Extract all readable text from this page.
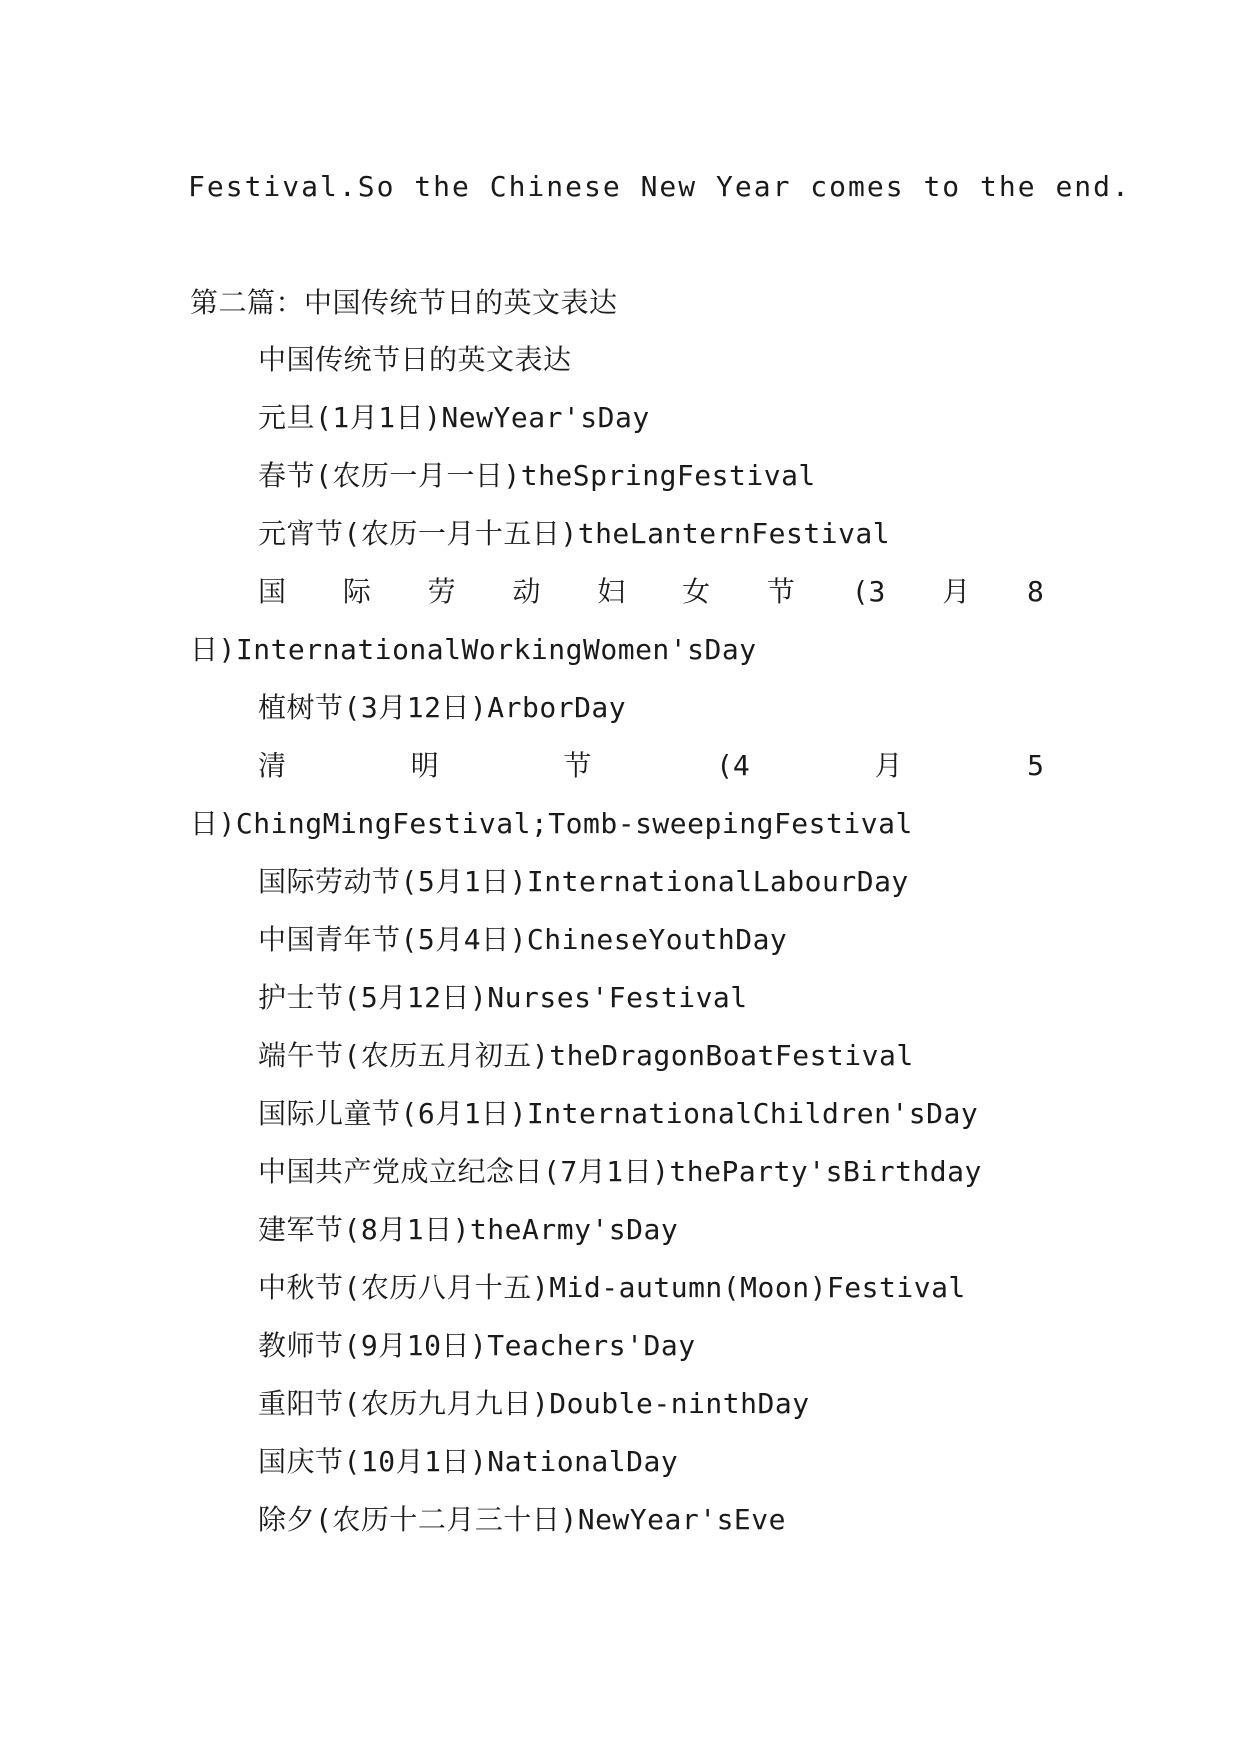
Festival.So the Chinese New Year comes to the end.
第二篇：中国传统节日的英文表达
中国传统节日的英文表达
元旦(1月1日)NewYear'sDay
春节(农历一月一日)theSpringFestival
元宵节(农历一月十五日)theLanternFestival
国 际 劳 动 妇 女 节 (3 月 8
日)InternationalWorkingWomen'sDay
植树节(3月12日)ArborDay
清	明	节	(4	月	5
日)ChingMingFestival;Tomb-sweepingFestival
国际劳动节(5月1日)InternationalLabourDay
中国青年节(5月4日)ChineseYouthDay
护士节(5月12日)Nurses'Festival
端午节(农历五月初五)theDragonBoatFestival
国际儿童节(6月1日)InternationalChildren'sDay
中国共产党成立纪念日(7月1日)theParty'sBirthday
建军节(8月1日)theArmy'sDay
中秋节(农历八月十五)Mid-autumn(Moon)Festival
教师节(9月10日)Teachers'Day
重阳节(农历九月九日)Double-ninthDay
国庆节(10月1日)NationalDay
除夕(农历十二月三十日)NewYear'sEve
